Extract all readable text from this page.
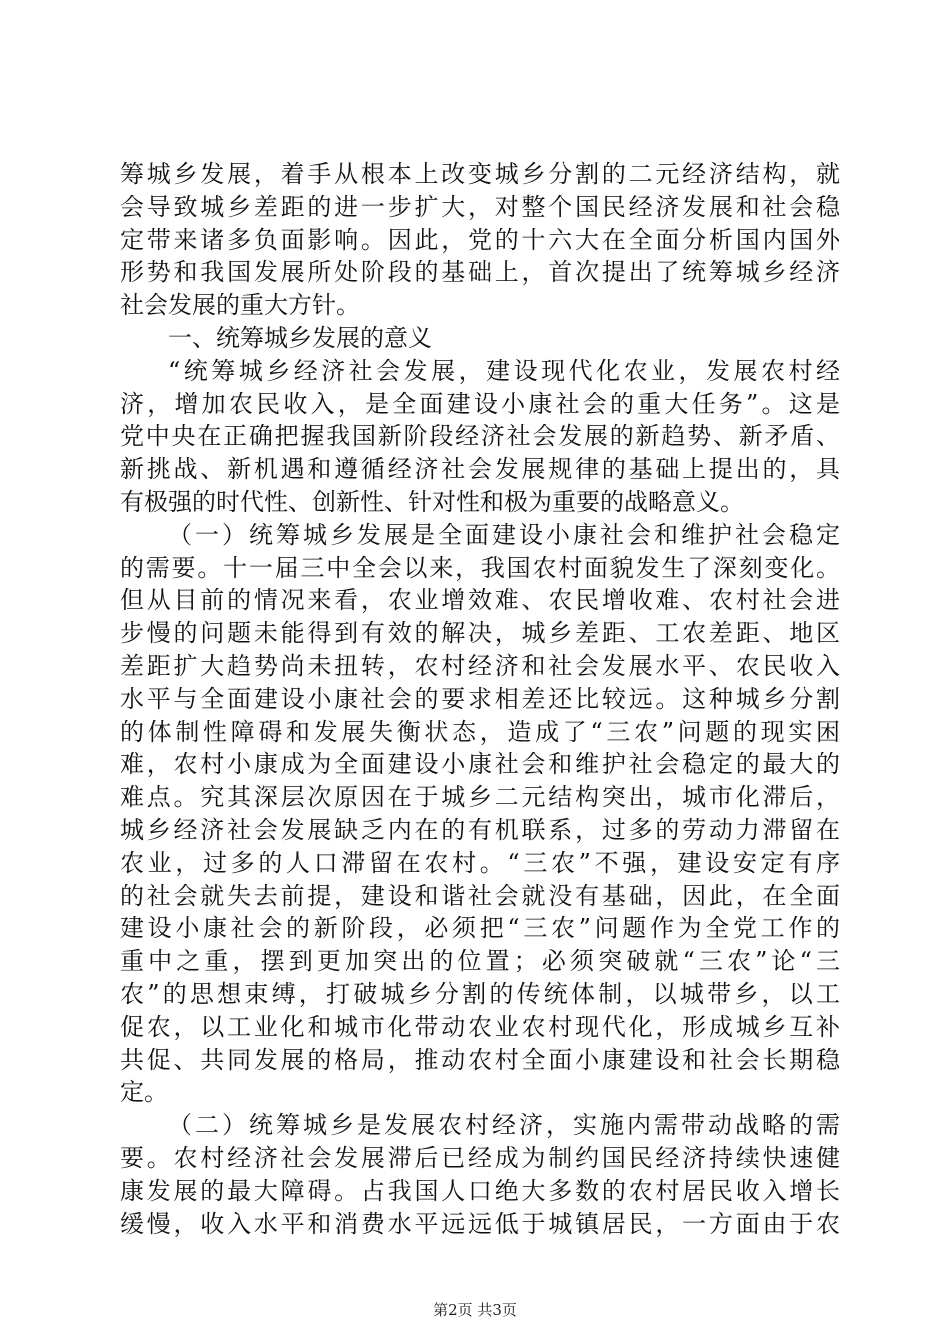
筹城乡发展，着手从根本上改变城乡分割的二元经济结构，就
会导致城乡差距的进一步扩大，对整个国民经济发展和社会稳
定带来诸多负面影响。因此，党的十六大在全面分析国内国外
形势和我国发展所处阶段的基础上，首次提出了统筹城乡经济
社会发展的重大方针。
一、统筹城乡发展的意义
“统筹城乡经济社会发展，建设现代化农业，发展农村经
济，增加农民收入，是全面建设小康社会的重大任务”。这是
党中央在正确把握我国新阶段经济社会发展的新趋势、新矛盾、
新挑战、新机遇和遵循经济社会发展规律的基础上提出的，具
有极强的时代性、创新性、针对性和极为重要的战略意义。
（一）统筹城乡发展是全面建设小康社会和维护社会稳定
的需要。十一届三中全会以来，我国农村面貌发生了深刻变化。
但从目前的情况来看，农业增效难、农民增收难、农村社会进
步慢的问题未能得到有效的解决，城乡差距、工农差距、地区
差距扩大趋势尚未扭转，农村经济和社会发展水平、农民收入
水平与全面建设小康社会的要求相差还比较远。这种城乡分割
的体制性障碍和发展失衡状态，造成了“三农”问题的现实困
难，农村小康成为全面建设小康社会和维护社会稳定的最大的
难点。究其深层次原因在于城乡二元结构突出，城市化滞后，
城乡经济社会发展缺乏内在的有机联系，过多的劳动力滞留在
农业，过多的人口滞留在农村。“三农”不强，建设安定有序
的社会就失去前提，建设和谐社会就没有基础，因此，在全面
建设小康社会的新阶段，必须把“三农”问题作为全党工作的
重中之重，摆到更加突出的位置；必须突破就“三农”论“三
农”的思想束缚，打破城乡分割的传统体制，以城带乡，以工
促农，以工业化和城市化带动农业农村现代化，形成城乡互补
共促、共同发展的格局，推动农村全面小康建设和社会长期稳
定。
（二）统筹城乡是发展农村经济，实施内需带动战略的需
要。农村经济社会发展滞后已经成为制约国民经济持续快速健
康发展的最大障碍。占我国人口绝大多数的农村居民收入增长
缓慢，收入水平和消费水平远远低于城镇居民，一方面由于农
第2页 共3页
